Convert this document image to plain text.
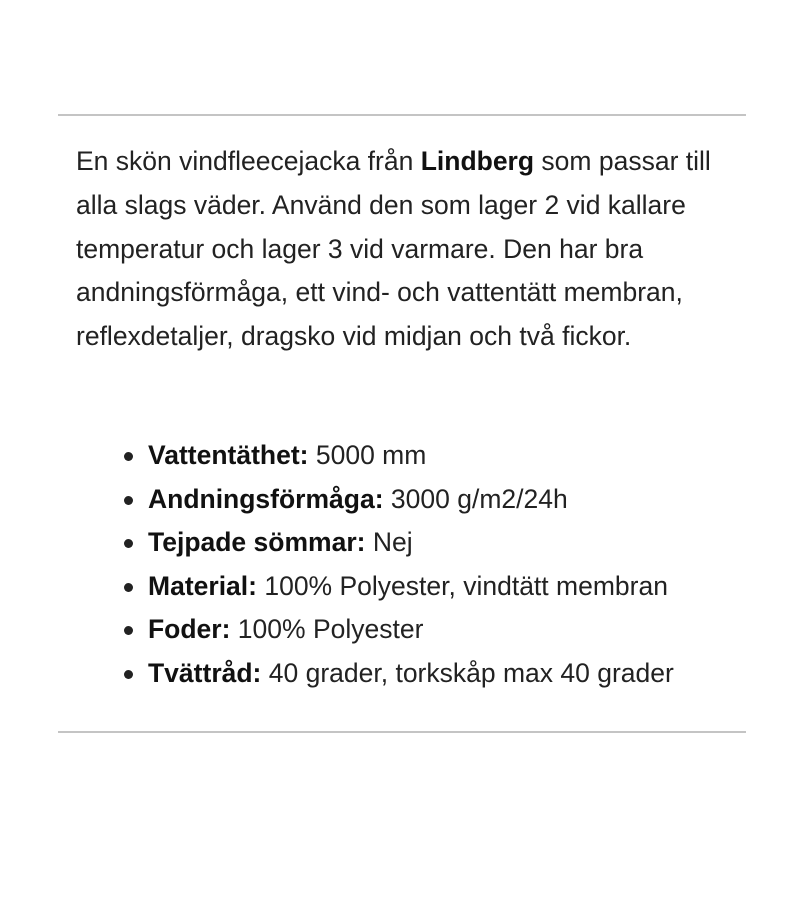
En skön vindfleecejacka från Lindberg som passar till alla slags väder. Använd den som lager 2 vid kallare temperatur och lager 3 vid varmare. Den har bra andningsförmåga, ett vind- och vattentätt membran, reflexdetaljer, dragsko vid midjan och två fickor.

Vattentäthet: 5000 mm
Andningsförmåga: 3000 g/m2/24h
Tejpade sömmar: Nej
Material: 100% Polyester, vindtätt membran
Foder: 100% Polyester
Tvättråd: 40 grader, torkskåp max 40 grader
